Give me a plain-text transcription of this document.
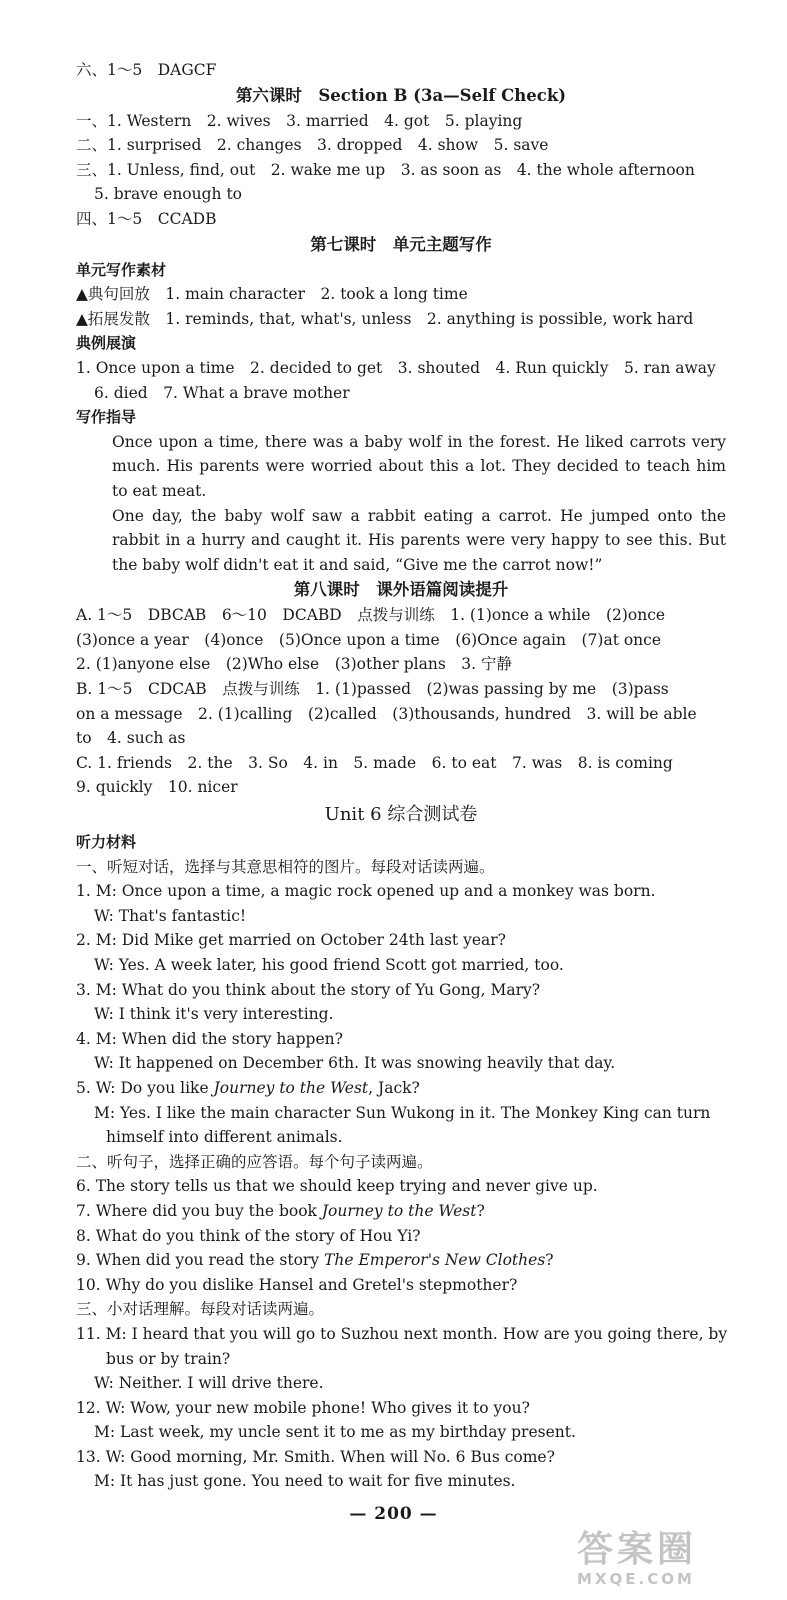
六、1～5　DAGCF
第六课时　Section B (3a—Self Check)
一、1. Western　2. wives　3. married　4. got　5. playing
二、1. surprised　2. changes　3. dropped　4. show　5. save
三、1. Unless, find, out　2. wake me up　3. as soon as　4. the whole afternoon
5. brave enough to
四、1～5　CCADB
第七课时　单元主题写作
单元写作素材
▲典句回放　1. main character　2. took a long time
▲拓展发散　1. reminds, that, what's, unless　2. anything is possible, work hard
典例展演
1. Once upon a time　2. decided to get　3. shouted　4. Run quickly　5. ran away
6. died　7. What a brave mother
写作指导
Once upon a time, there was a baby wolf in the forest. He liked carrots very much. His parents were worried about this a lot. They decided to teach him to eat meat.
One day, the baby wolf saw a rabbit eating a carrot. He jumped onto the rabbit in a hurry and caught it. His parents were very happy to see this. But the baby wolf didn't eat it and said, “Give me the carrot now!”
第八课时　课外语篇阅读提升
A. 1～5　DBCAB　6～10　DCABD　点拨与训练　1. (1)once a while　(2)once
(3)once a year　(4)once　(5)Once upon a time　(6)Once again　(7)at once
2. (1)anyone else　(2)Who else　(3)other plans　3. 宁静
B. 1～5　CDCAB　点拨与训练　1. (1)passed　(2)was passing by me　(3)pass
on a message　2. (1)calling　(2)called　(3)thousands, hundred　3. will be able
to　4. such as
C. 1. friends　2. the　3. So　4. in　5. made　6. to eat　7. was　8. is coming
9. quickly　10. nicer
Unit 6 综合测试卷
听力材料
一、听短对话，选择与其意思相符的图片。每段对话读两遍。
1. M: Once upon a time, a magic rock opened up and a monkey was born.
W: That's fantastic!
2. M: Did Mike get married on October 24th last year?
W: Yes. A week later, his good friend Scott got married, too.
3. M: What do you think about the story of Yu Gong, Mary?
W: I think it's very interesting.
4. M: When did the story happen?
W: It happened on December 6th. It was snowing heavily that day.
5. W: Do you like Journey to the West, Jack?
M: Yes. I like the main character Sun Wukong in it. The Monkey King can turn
himself into different animals.
二、听句子，选择正确的应答语。每个句子读两遍。
6. The story tells us that we should keep trying and never give up.
7. Where did you buy the book Journey to the West?
8. What do you think of the story of Hou Yi?
9. When did you read the story The Emperor's New Clothes?
10. Why do you dislike Hansel and Gretel's stepmother?
三、小对话理解。每段对话读两遍。
11. M: I heard that you will go to Suzhou next month. How are you going there, by
bus or by train?
W: Neither. I will drive there.
12. W: Wow, your new mobile phone! Who gives it to you?
M: Last week, my uncle sent it to me as my birthday present.
13. W: Good morning, Mr. Smith. When will No. 6 Bus come?
M: It has just gone. You need to wait for five minutes.
— 200 —
答案圈
MXQE.COM
